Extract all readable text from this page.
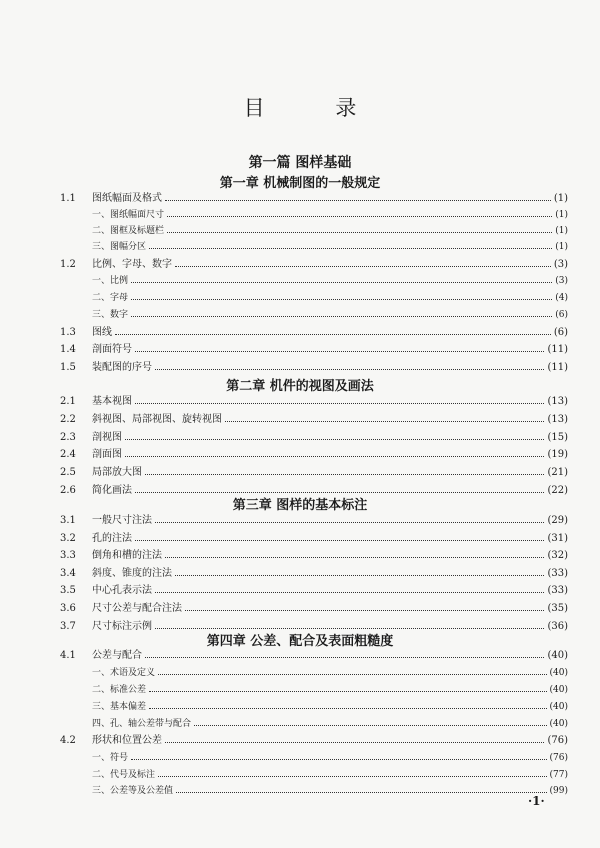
目 录
第一篇 图样基础
第一章 机械制图的一般规定
1.1	图纸幅面及格式	(1)
一、图纸幅面尺寸	(1)
二、图框及标题栏	(1)
三、图幅分区	(1)
1.2	比例、字母、数字	(3)
一、比例	(3)
二、字母	(4)
三、数字	(6)
1.3	图线	(6)
1.4	剖面符号	(11)
1.5	装配图的序号	(11)
第二章 机件的视图及画法
2.1	基本视图	(13)
2.2	斜视图、局部视图、旋转视图	(13)
2.3	剖视图	(15)
2.4	剖面图	(19)
2.5	局部放大图	(21)
2.6	简化画法	(22)
第三章 图样的基本标注
3.1	一般尺寸注法	(29)
3.2	孔的注法	(31)
3.3	倒角和槽的注法	(32)
3.4	斜度、锥度的注法	(33)
3.5	中心孔表示法	(33)
3.6	尺寸公差与配合注法	(35)
3.7	尺寸标注示例	(36)
第四章 公差、配合及表面粗糙度
4.1	公差与配合	(40)
一、术语及定义	(40)
二、标准公差	(40)
三、基本偏差	(40)
四、孔、轴公差带与配合	(40)
4.2	形状和位置公差	(76)
一、符号	(76)
二、代号及标注	(77)
三、公差等及公差值	(99)
·1·
